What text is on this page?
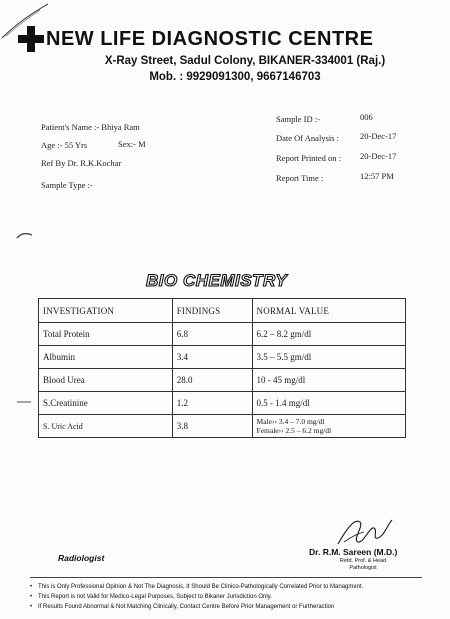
NEW LIFE DIAGNOSTIC CENTRE
X-Ray Street, Sadul Colony, BIKANER-334001 (Raj.)
Mob. : 9929091300, 9667146703
Patient's Name :- Bhiya Ram
Age :- 55 Yrs	Sex:- M
Ref By Dr. R.K.Kochar
Sample Type :-
Sample ID :-	006
Date Of Analysis : 20-Dec-17
Report Printed on : 20-Dec-17
Report Time :	12:57 PM
BIO CHEMISTRY
INVESTIGATION	FINDINGS	NORMAL VALUE
Total Protein	6.8	6.2 – 8.2 gm/dl
Albumin	3.4	3.5 – 5.5 gm/dl
Blood Urea	28.0	10 - 45 mg/dl
S.Creatinine	1.2	0.5 - 1.4 mg/dl
S. Uric Acid	3.8	Male›› 3.4 – 7.0 mg/dl
Female›› 2.5 – 6.2 mg/dl
Radiologist
Dr. R.M. Sareen (M.D.)
Retd. Prof. & Head
Pathologist
• This is Only Professional Opinion & Not The Diagnosis, It Should Be Clinico-Pathologically Correlated Prior to Managment.
• This Report is not Valid for Medico-Legal Purposes, Subject to Bikaner Jurisdiction Only.
• If Results Found Abnormal & Not Matching Clinically, Contact Centre Before Prior Management or Furtheraction
